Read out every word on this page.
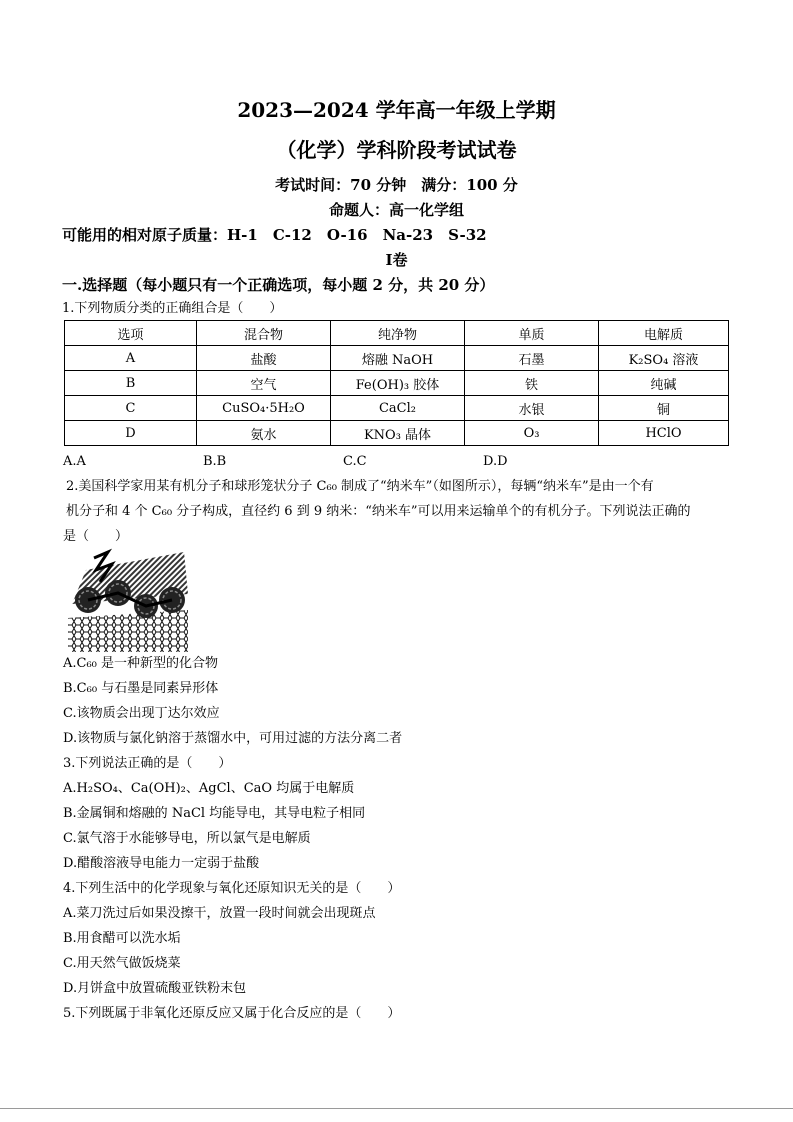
2023—2024 学年高一年级上学期
（化学）学科阶段考试试卷
考试时间：70 分钟　满分：100 分
命题人：高一化学组
可能用的相对原子质量：H-1　C-12　O-16　Na-23　S-32
Ⅰ卷
一.选择题（每小题只有一个正确选项，每小题 2 分，共 20 分）
1.下列物质分类的正确组合是（　　）
选项	混合物	纯净物	单质	电解质
A	盐酸	熔融 NaOH	石墨	K₂SO₄ 溶液
B	空气	Fe(OH)₃ 胶体	铁	纯碱
C	CuSO₄·5H₂O	CaCl₂	水银	铜
D	氨水	KNO₃ 晶体	O₃	HClO
A.A	B.B	C.C	D.D
2.美国科学家用某有机分子和球形笼状分子 C₆₀ 制成了“纳米车”（如图所示），每辆“纳米车”是由一个有
机分子和 4 个 C₆₀ 分子构成，直径约 6 到 9 纳米：“纳米车”可以用来运输单个的有机分子。下列说法正确的
是（　　）
A.C₆₀ 是一种新型的化合物
B.C₆₀ 与石墨是同素异形体
C.该物质会出现丁达尔效应
D.该物质与氯化钠溶于蒸馏水中，可用过滤的方法分离二者
3.下列说法正确的是（　　）
A.H₂SO₄、Ca(OH)₂、AgCl、CaO 均属于电解质
B.金属铜和熔融的 NaCl 均能导电，其导电粒子相同
C.氯气溶于水能够导电，所以氯气是电解质
D.醋酸溶液导电能力一定弱于盐酸
4.下列生活中的化学现象与氧化还原知识无关的是（　　）
A.菜刀洗过后如果没擦干，放置一段时间就会出现斑点
B.用食醋可以洗水垢
C.用天然气做饭烧菜
D.月饼盒中放置硫酸亚铁粉末包
5.下列既属于非氧化还原反应又属于化合反应的是（　　）
